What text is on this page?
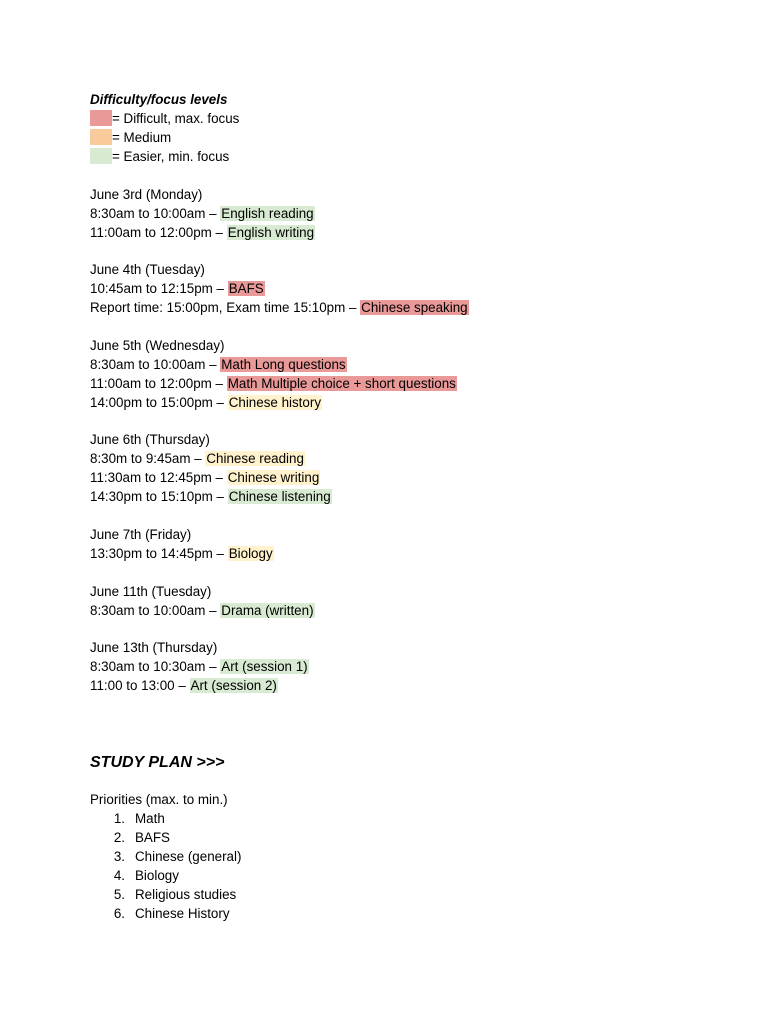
Difficulty/focus levels
= Difficult, max. focus
= Medium
= Easier, min. focus
June 3rd (Monday)
8:30am to 10:00am – English reading
11:00am to 12:00pm – English writing
June 4th (Tuesday)
10:45am to 12:15pm – BAFS
Report time: 15:00pm, Exam time 15:10pm – Chinese speaking
June 5th (Wednesday)
8:30am to 10:00am – Math Long questions
11:00am to 12:00pm – Math Multiple choice + short questions
14:00pm to 15:00pm – Chinese history
June 6th (Thursday)
8:30m to 9:45am – Chinese reading
11:30am to 12:45pm – Chinese writing
14:30pm to 15:10pm – Chinese listening
June 7th (Friday)
13:30pm to 14:45pm – Biology
June 11th (Tuesday)
8:30am to 10:00am – Drama (written)
June 13th (Thursday)
8:30am to 10:30am – Art (session 1)
11:00 to 13:00 – Art (session 2)
STUDY PLAN >>>
Priorities (max. to min.)
1. Math
2. BAFS
3. Chinese (general)
4. Biology
5. Religious studies
6. Chinese History
